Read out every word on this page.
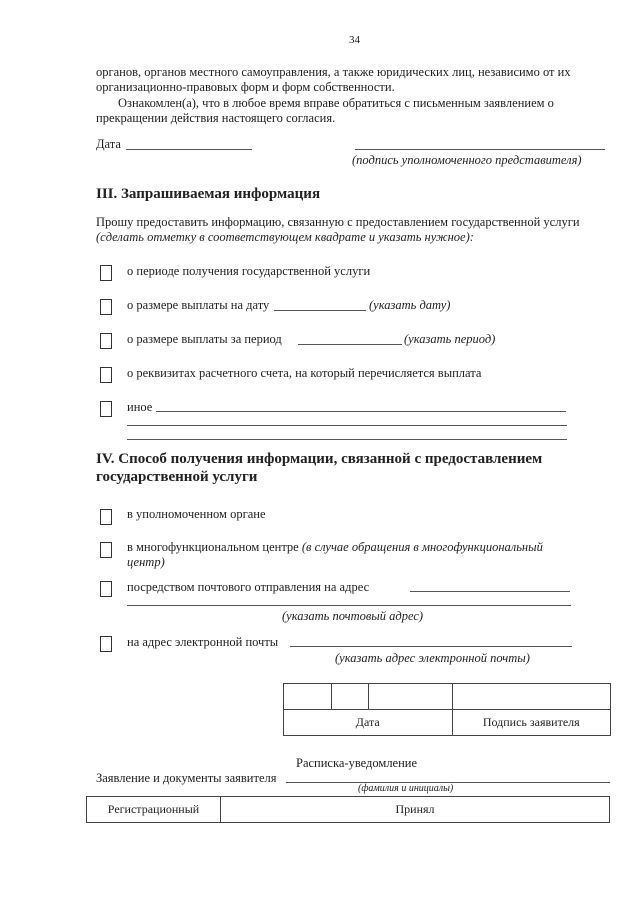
34
органов, органов местного самоуправления, а также юридических лиц, независимо от их
организационно-правовых форм и форм собственности.
Ознакомлен(а), что в любое время вправе обратиться с письменным заявлением о
прекращении действия настоящего согласия.
Дата
(подпись уполномоченного представителя)
III. Запрашиваемая информация
Прошу предоставить информацию, связанную с предоставлением государственной услуги
(сделать отметку в соответствующем квадрате и указать нужное):
о периоде получения государственной услуги
о размере выплаты на дату	(указать дату)
о размере выплаты за период	(указать период)
о реквизитах расчетного счета, на который перечисляется выплата
иное
IV. Способ получения информации, связанной с предоставлением
государственной услуги
в уполномоченном органе
в многофункциональном центре (в случае обращения в многофункциональный
центр)
посредством почтового отправления на адрес
(указать почтовый адрес)
на адрес электронной почты
(указать адрес электронной почты)

Дата			Подпись заявителя
Расписка-уведомление
Заявление и документы заявителя
(фамилия и инициалы)
Регистрационный	Принял
